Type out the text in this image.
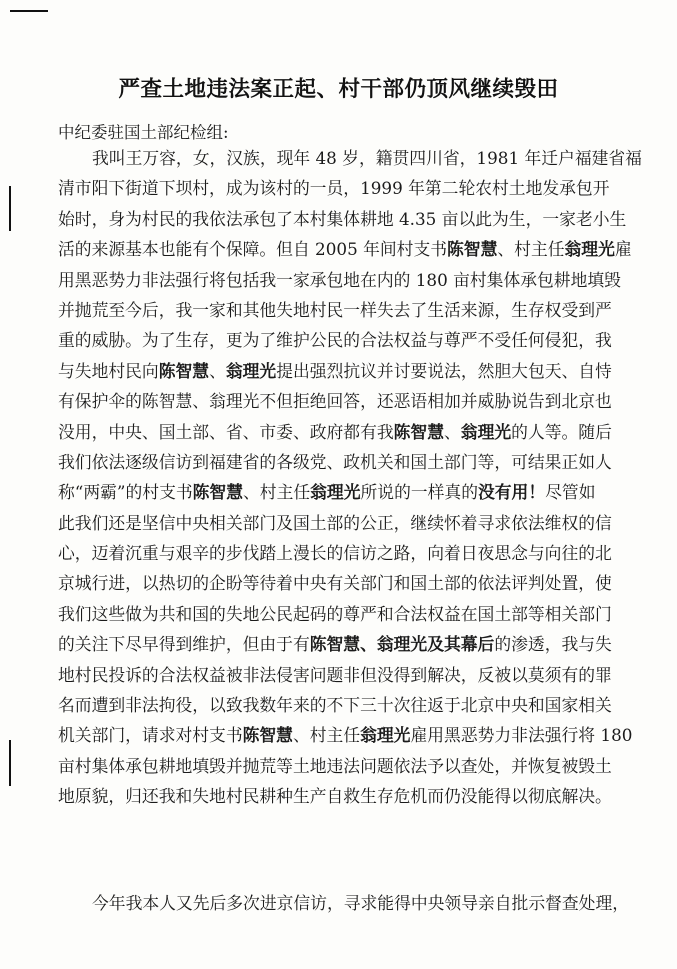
严查土地违法案正起、村干部仍顶风继续毁田
中纪委驻国土部纪检组:
我叫王万容，女，汉族，现年 48 岁，籍贯四川省，1981 年迁户福建省福
清市阳下街道下坝村，成为该村的一员，1999 年第二轮农村土地发承包开
始时，身为村民的我依法承包了本村集体耕地 4.35 亩以此为生，一家老小生
活的来源基本也能有个保障。但自 2005 年间村支书陈智慧、村主任翁理光雇
用黑恶势力非法强行将包括我一家承包地在内的 180 亩村集体承包耕地填毁
并抛荒至今后，我一家和其他失地村民一样失去了生活来源，生存权受到严
重的威胁。为了生存，更为了维护公民的合法权益与尊严不受任何侵犯，我
与失地村民向陈智慧、翁理光提出强烈抗议并讨要说法，然胆大包天、自恃
有保护伞的陈智慧、翁理光不但拒绝回答，还恶语相加并威胁说告到北京也
没用，中央、国土部、省、市委、政府都有我陈智慧、翁理光的人等。随后
我们依法逐级信访到福建省的各级党、政机关和国土部门等，可结果正如人
称“两霸”的村支书陈智慧、村主任翁理光所说的一样真的没有用！尽管如
此我们还是坚信中央相关部门及国土部的公正，继续怀着寻求依法维权的信
心，迈着沉重与艰辛的步伐踏上漫长的信访之路，向着日夜思念与向往的北
京城行进，以热切的企盼等待着中央有关部门和国土部的依法评判处置，使
我们这些做为共和国的失地公民起码的尊严和合法权益在国土部等相关部门
的关注下尽早得到维护，但由于有陈智慧、翁理光及其幕后的渗透，我与失
地村民投诉的合法权益被非法侵害问题非但没得到解决，反被以莫须有的罪
名而遭到非法拘役，以致我数年来的不下三十次往返于北京中央和国家相关
机关部门，请求对村支书陈智慧、村主任翁理光雇用黑恶势力非法强行将 180
亩村集体承包耕地填毁并抛荒等土地违法问题依法予以查处，并恢复被毁土
地原貌，归还我和失地村民耕种生产自救生存危机而仍没能得以彻底解决。
今年我本人又先后多次进京信访，寻求能得中央领导亲自批示督查处理，
